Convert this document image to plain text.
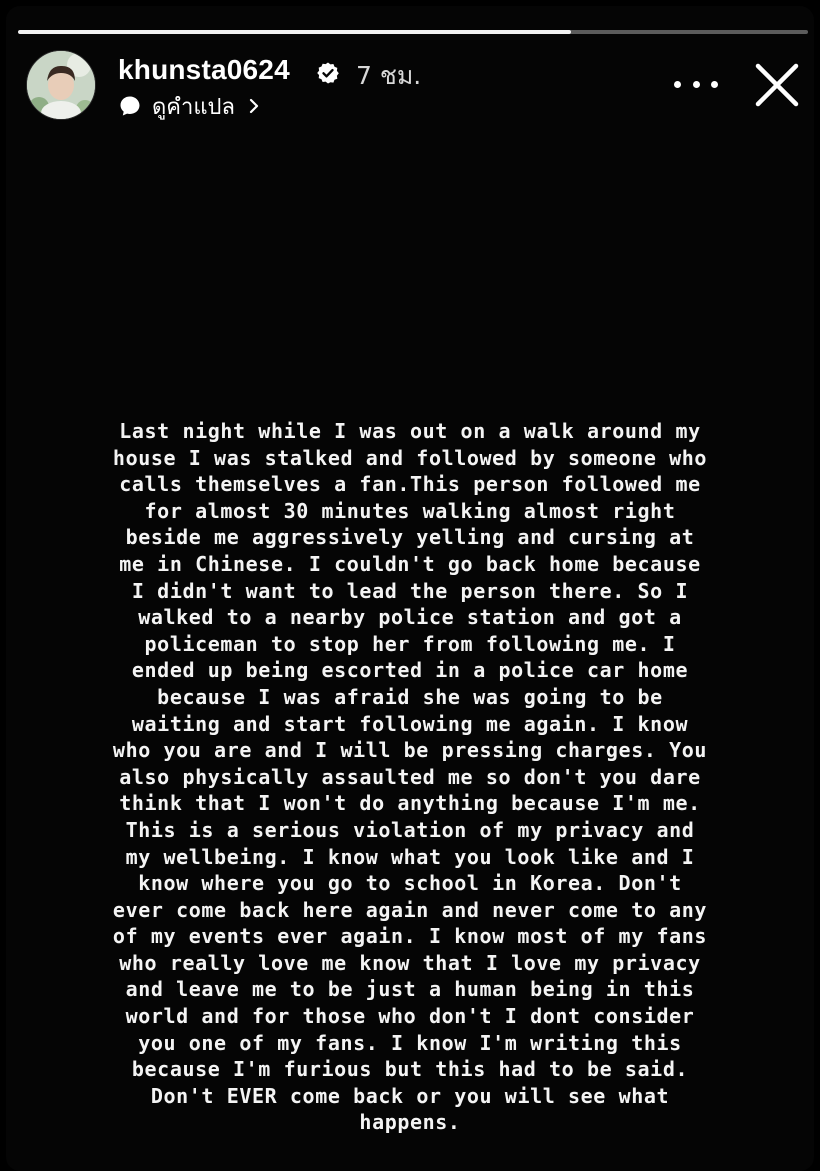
khunsta0624	7 ชม.
ดูคำแปล
Last night while I was out on a walk around my
house I was stalked and followed by someone who
calls themselves a fan.This person followed me
for almost 30 minutes walking almost right
beside me aggressively yelling and cursing at
me in Chinese. I couldn't go back home because
I didn't want to lead the person there. So I
walked to a nearby police station and got a
policeman to stop her from following me. I
ended up being escorted in a police car home
because I was afraid she was going to be
waiting and start following me again. I know
who you are and I will be pressing charges. You
also physically assaulted me so don't you dare
think that I won't do anything because I'm me.
This is a serious violation of my privacy and
my wellbeing. I know what you look like and I
know where you go to school in Korea. Don't
ever come back here again and never come to any
of my events ever again. I know most of my fans
who really love me know that I love my privacy
and leave me to be just a human being in this
world and for those who don't I dont consider
you one of my fans. I know I'm writing this
because I'm furious but this had to be said.
Don't EVER come back or you will see what
happens.
